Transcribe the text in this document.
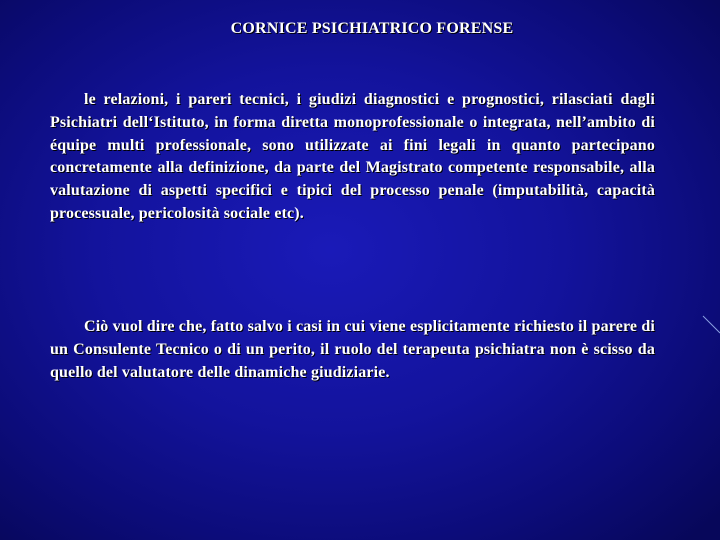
CORNICE PSICHIATRICO FORENSE
le relazioni, i pareri tecnici, i giudizi diagnostici e prognostici, rilasciati dagli Psichiatri dell‘Istituto, in forma diretta monoprofessionale o integrata, nell’ambito di équipe multi professionale, sono utilizzate ai fini legali in quanto partecipano concretamente alla definizione, da parte del Magistrato competente responsabile, alla valutazione di aspetti specifici e tipici del processo penale (imputabilità, capacità processuale, pericolosità sociale etc).
Ciò vuol dire che, fatto salvo i casi in cui viene esplicitamente richiesto il parere di un Consulente Tecnico o di un perito, il ruolo del terapeuta psichiatra non è scisso da quello del valutatore delle dinamiche giudiziarie.
